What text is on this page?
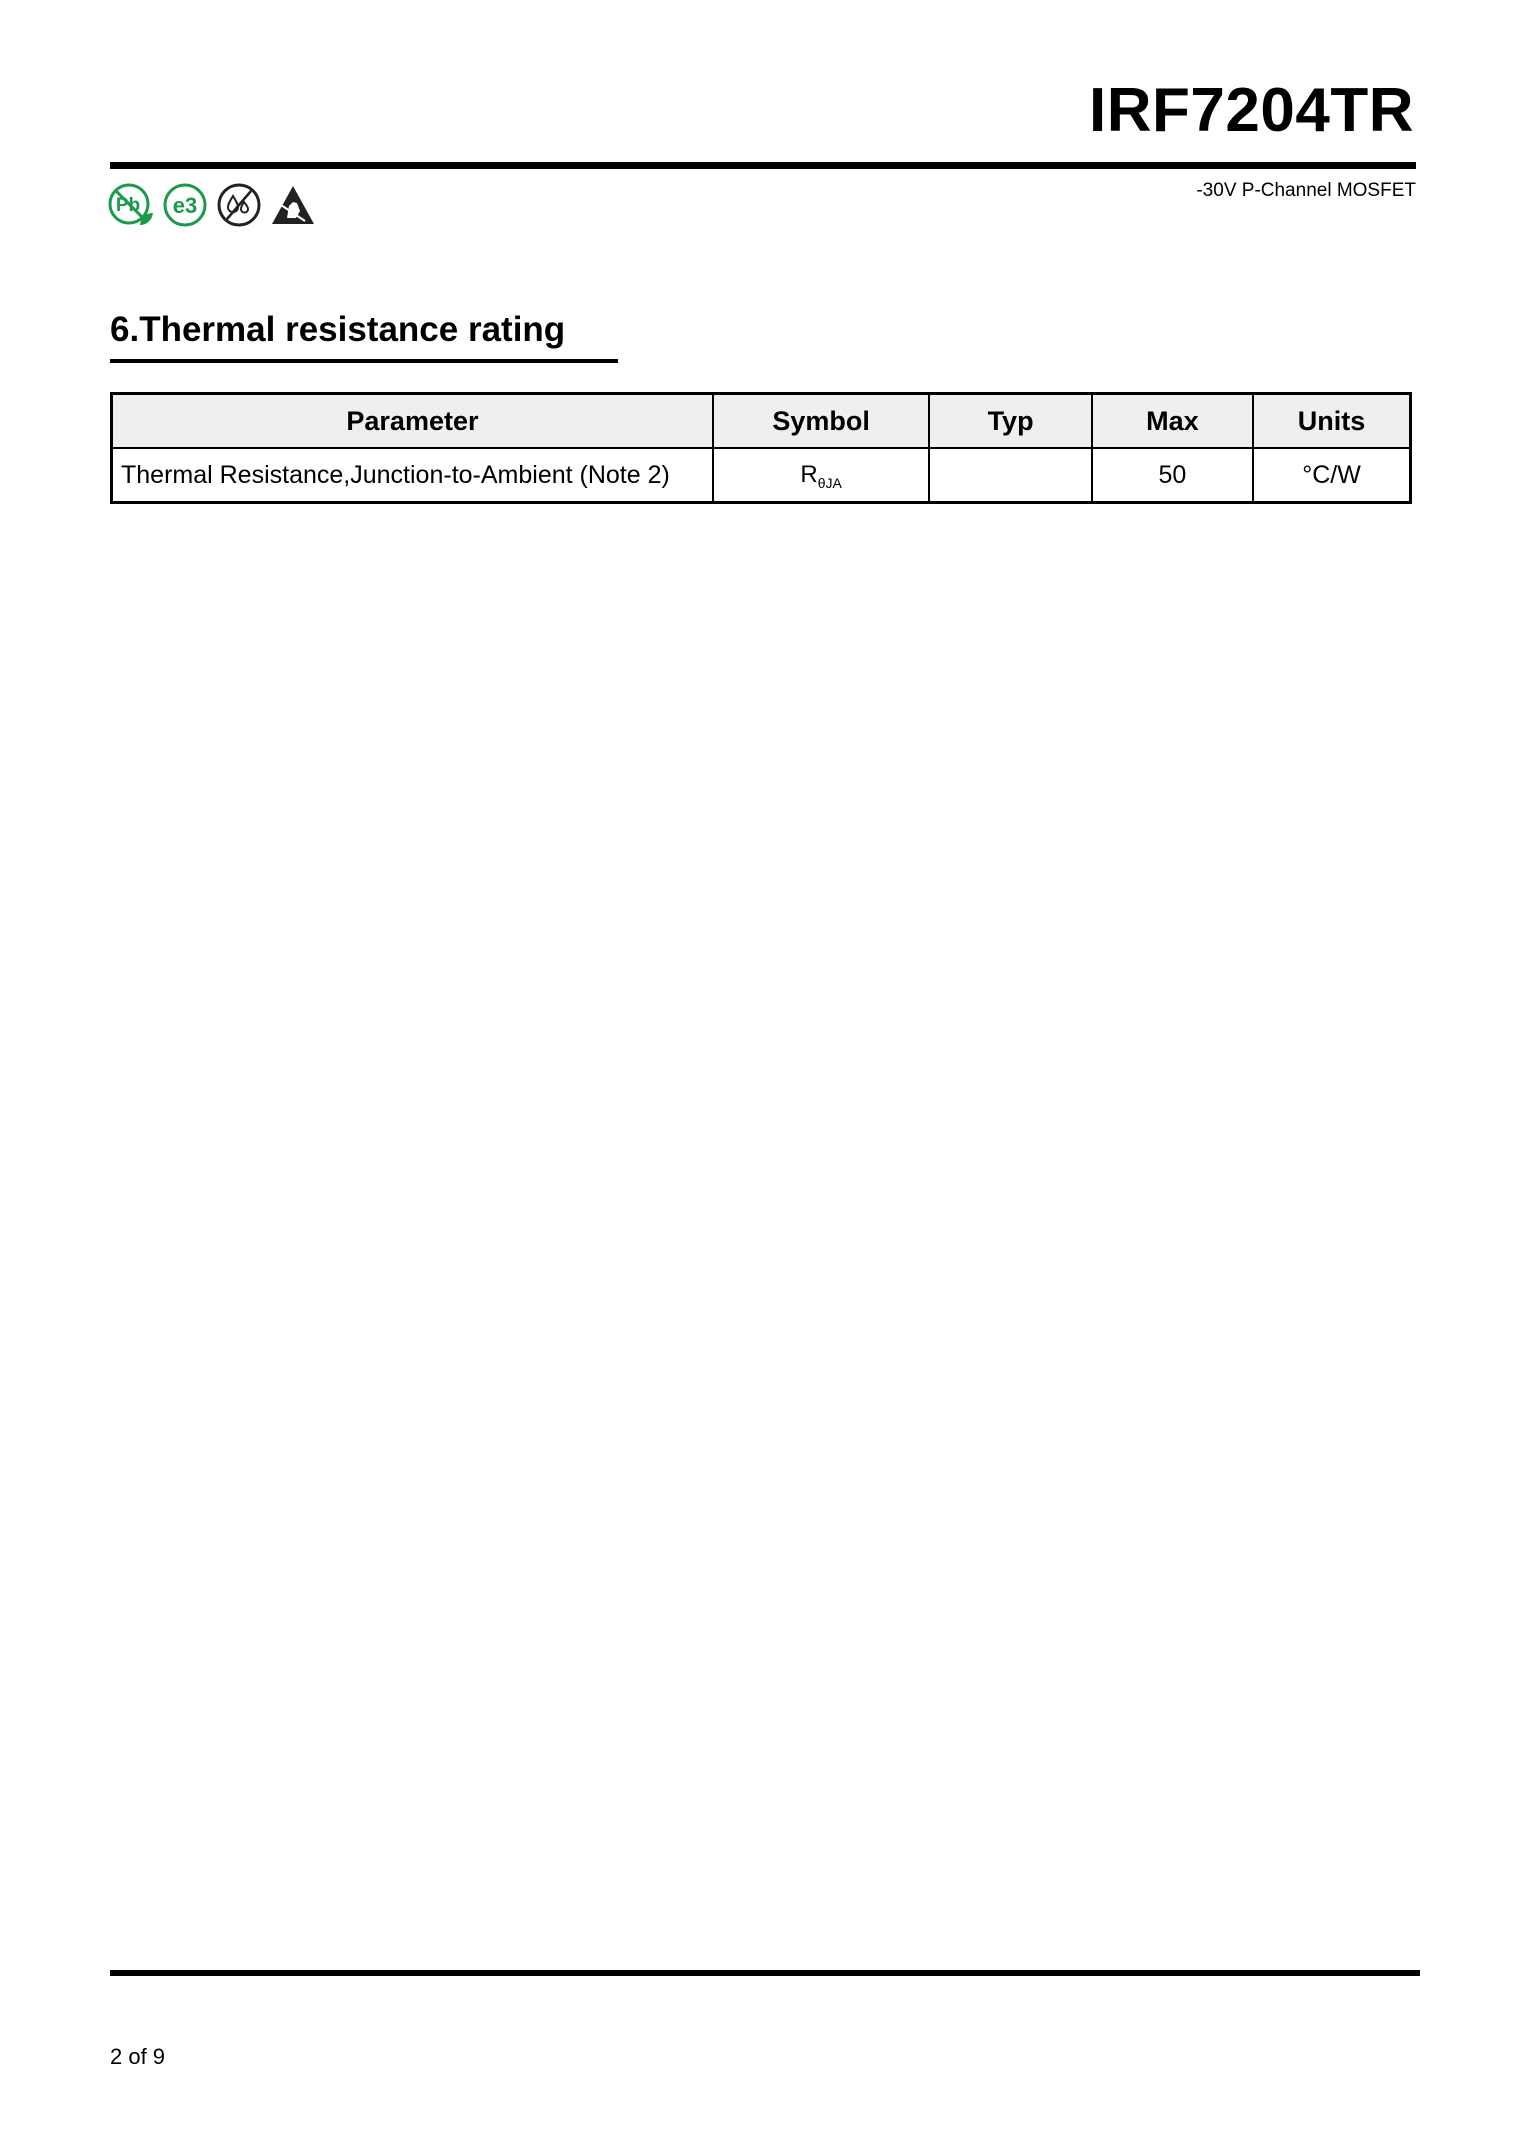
IRF7204TR
Pb e3
-30V P-Channel MOSFET
6.Thermal resistance rating
Parameter	Symbol	Typ	Max	Units
Thermal Resistance,Junction-to-Ambient (Note 2)	$R_{\theta JA}$		50	°C/W
2 of 9
